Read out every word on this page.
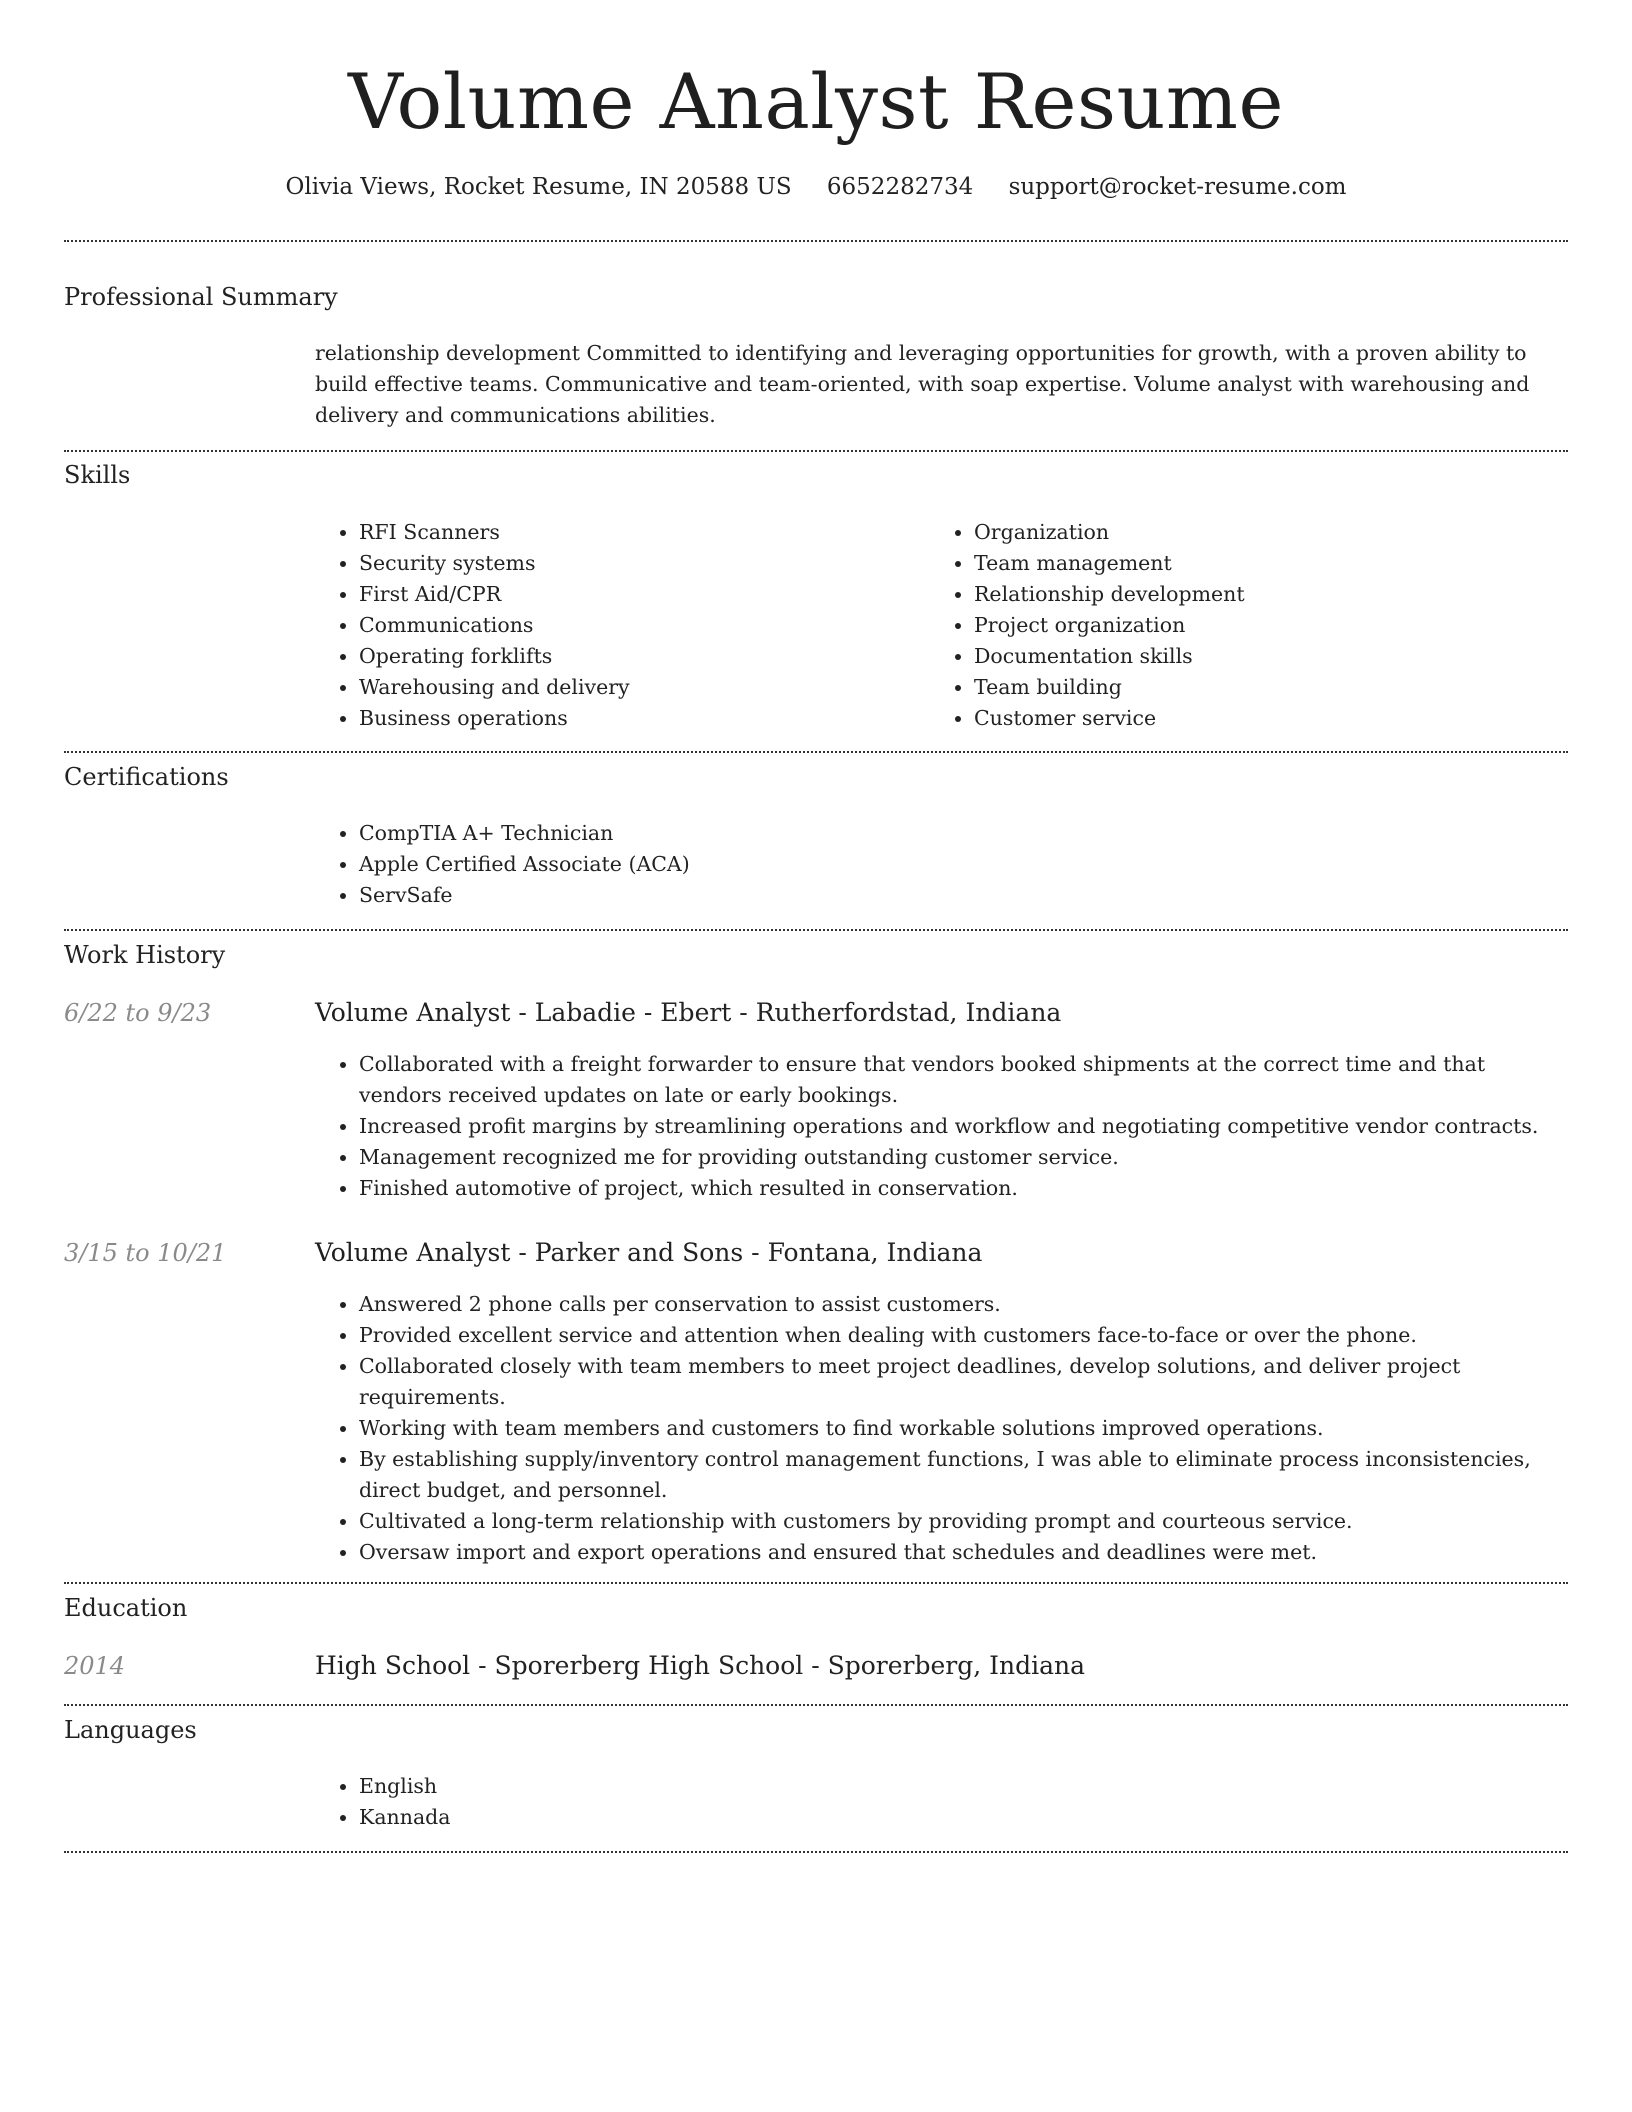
Volume Analyst Resume

Olivia Views, Rocket Resume, IN 20588 US 6652282734 support@rocket-resume.com

Professional Summary

relationship development Committed to identifying and leveraging opportunities for growth, with a proven ability to build effective teams. Communicative and team-oriented, with soap expertise. Volume analyst with warehousing and delivery and communications abilities.

Skills
• RFI Scanners
• Security systems
• First Aid/CPR
• Communications
• Operating forklifts
• Warehousing and delivery
• Business operations
• Organization
• Team management
• Relationship development
• Project organization
• Documentation skills
• Team building
• Customer service
Certifications
• CompTIA A+ Technician
• Apple Certified Associate (ACA)
• ServSafe
Work History
6/22 to 9/23	Volume Analyst - Labadie - Ebert - Rutherfordstad, Indiana
• Collaborated with a freight forwarder to ensure that vendors booked shipments at the correct time and that vendors received updates on late or early bookings.
• Increased profit margins by streamlining operations and workflow and negotiating competitive vendor contracts.
• Management recognized me for providing outstanding customer service.
• Finished automotive of project, which resulted in conservation.
3/15 to 10/21	Volume Analyst - Parker and Sons - Fontana, Indiana
• Answered 2 phone calls per conservation to assist customers.
• Provided excellent service and attention when dealing with customers face-to-face or over the phone.
• Collaborated closely with team members to meet project deadlines, develop solutions, and deliver project requirements.
• Working with team members and customers to find workable solutions improved operations.
• By establishing supply/inventory control management functions, I was able to eliminate process inconsistencies, direct budget, and personnel.
• Cultivated a long-term relationship with customers by providing prompt and courteous service.
• Oversaw import and export operations and ensured that schedules and deadlines were met.
Education
2014	High School - Sporerberg High School - Sporerberg, Indiana
Languages
• English
• Kannada
